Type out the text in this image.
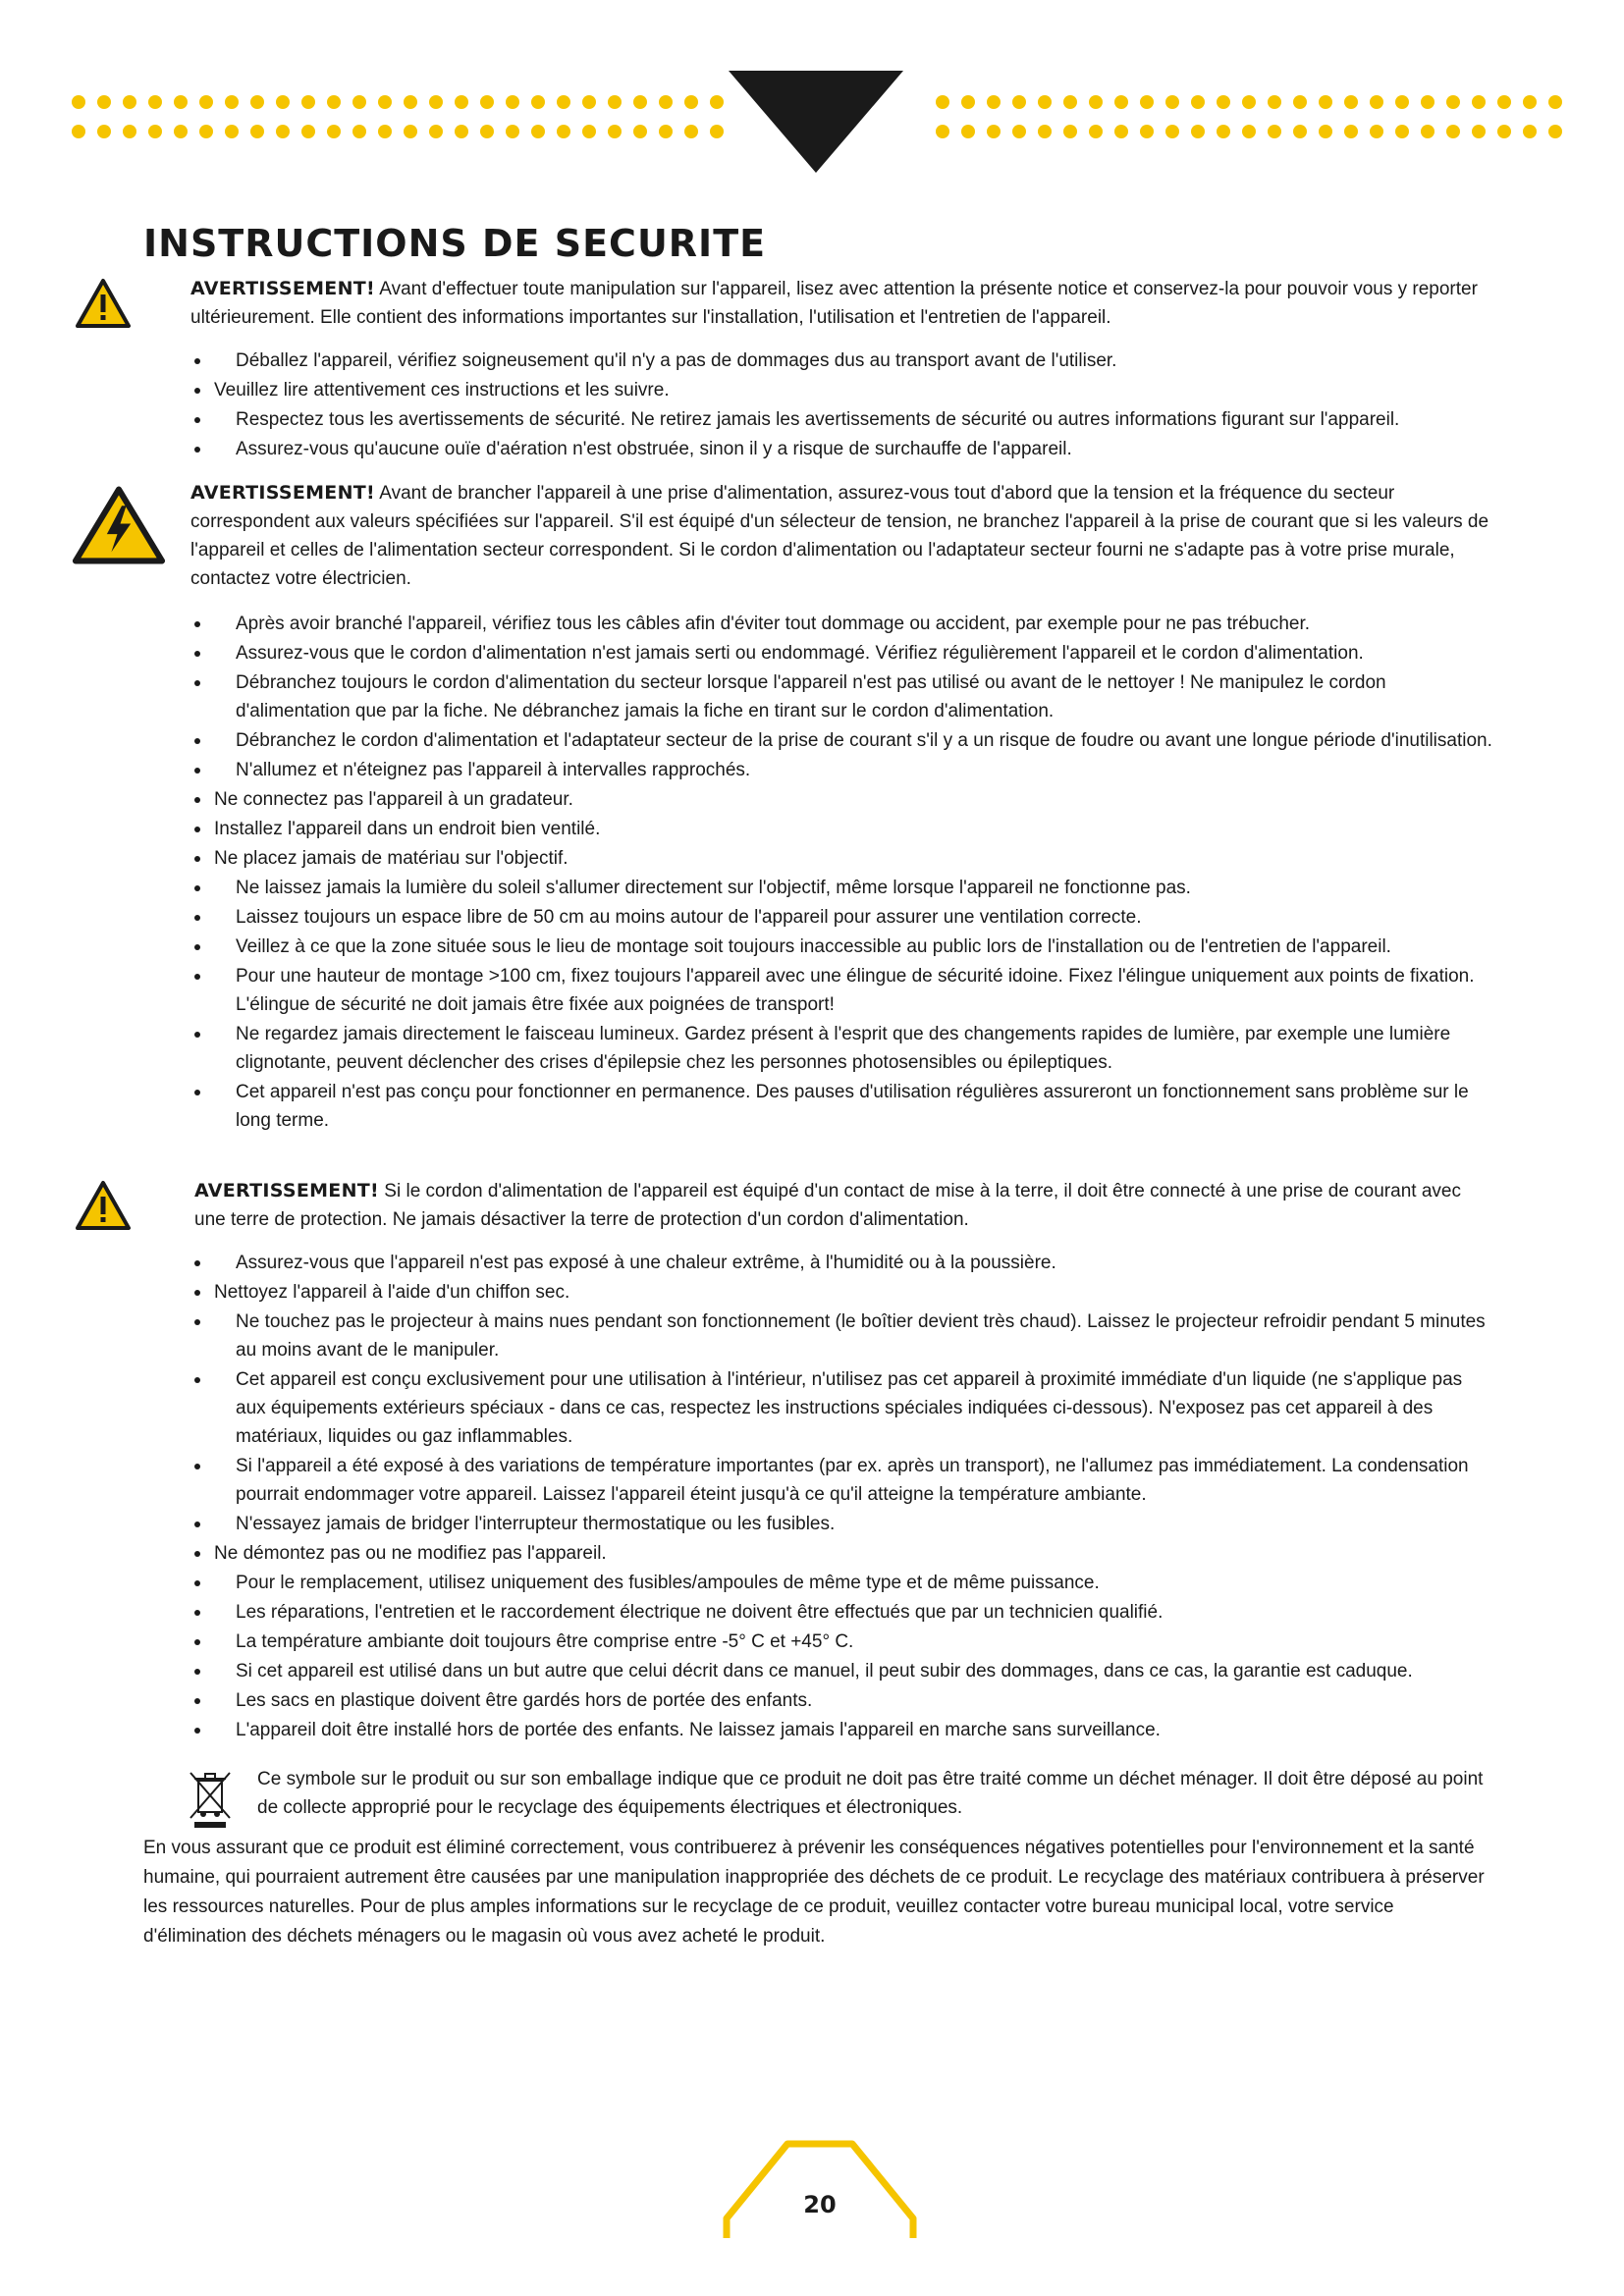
INSTRUCTIONS DE SECURITE
AVERTISSEMENT! Avant d'effectuer toute manipulation sur l'appareil, lisez avec attention la présente notice et conservez-la pour pouvoir vous y reporter ultérieurement. Elle contient des informations importantes sur l'installation, l'utilisation et l'entretien de l'appareil.
Déballez l'appareil, vérifiez soigneusement qu'il n'y a pas de dommages dus au transport avant de l'utiliser.
Veuillez lire attentivement ces instructions et les suivre.
Respectez tous les avertissements de sécurité. Ne retirez jamais les avertissements de sécurité ou autres informations figurant sur l'appareil.
Assurez-vous qu'aucune ouïe d'aération n'est obstruée, sinon il y a risque de surchauffe de l'appareil.
AVERTISSEMENT! Avant de brancher l'appareil à une prise d'alimentation, assurez-vous tout d'abord que la tension et la fréquence du secteur correspondent aux valeurs spécifiées sur l'appareil. S'il est équipé d'un sélecteur de tension, ne branchez l'appareil à la prise de courant que si les valeurs de l'appareil et celles de l'alimentation secteur correspondent. Si le cordon d'alimentation ou l'adaptateur secteur fourni ne s'adapte pas à votre prise murale, contactez votre électricien.
Après avoir branché l'appareil, vérifiez tous les câbles afin d'éviter tout dommage ou accident, par exemple pour ne pas trébucher.
Assurez-vous que le cordon d'alimentation n'est jamais serti ou endommagé. Vérifiez régulièrement l'appareil et le cordon d'alimentation.
Débranchez toujours le cordon d'alimentation du secteur lorsque l'appareil n'est pas utilisé ou avant de le nettoyer ! Ne manipulez le cordon d'alimentation que par la fiche. Ne débranchez jamais la fiche en tirant sur le cordon d'alimentation.
Débranchez le cordon d'alimentation et l'adaptateur secteur de la prise de courant s'il y a un risque de foudre ou avant une longue période d'inutilisation.
N'allumez et n'éteignez pas l'appareil à intervalles rapprochés.
Ne connectez pas l'appareil à un gradateur.
Installez l'appareil dans un endroit bien ventilé.
Ne placez jamais de matériau sur l'objectif.
Ne laissez jamais la lumière du soleil s'allumer directement sur l'objectif, même lorsque l'appareil ne fonctionne pas.
Laissez toujours un espace libre de 50 cm au moins autour de l'appareil pour assurer une ventilation correcte.
Veillez à ce que la zone située sous le lieu de montage soit toujours inaccessible au public lors de l'installation ou de l'entretien de l'appareil.
Pour une hauteur de montage >100 cm, fixez toujours l'appareil avec une élingue de sécurité idoine. Fixez l'élingue uniquement aux points de fixation. L'élingue de sécurité ne doit jamais être fixée aux poignées de transport!
Ne regardez jamais directement le faisceau lumineux. Gardez présent à l'esprit que des changements rapides de lumière, par exemple une lumière clignotante, peuvent déclencher des crises d'épilepsie chez les personnes photosensibles ou épileptiques.
Cet appareil n'est pas conçu pour fonctionner en permanence. Des pauses d'utilisation régulières assureront un fonctionnement sans problème sur le long terme.
AVERTISSEMENT! Si le cordon d'alimentation de l'appareil est équipé d'un contact de mise à la terre, il doit être connecté à une prise de courant avec une terre de protection. Ne jamais désactiver la terre de protection d'un cordon d'alimentation.
Assurez-vous que l'appareil n'est pas exposé à une chaleur extrême, à l'humidité ou à la poussière.
Nettoyez l'appareil à l'aide d'un chiffon sec.
Ne touchez pas le projecteur à mains nues pendant son fonctionnement (le boîtier devient très chaud). Laissez le projecteur refroidir pendant 5 minutes au moins avant de le manipuler.
Cet appareil est conçu exclusivement pour une utilisation à l'intérieur, n'utilisez pas cet appareil à proximité immédiate d'un liquide (ne s'applique pas aux équipements extérieurs spéciaux - dans ce cas, respectez les instructions spéciales indiquées ci-dessous). N'exposez pas cet appareil à des matériaux, liquides ou gaz inflammables.
Si l'appareil a été exposé à des variations de température importantes (par ex. après un transport), ne l'allumez pas immédiatement. La condensation pourrait endommager votre appareil. Laissez l'appareil éteint jusqu'à ce qu'il atteigne la température ambiante.
N'essayez jamais de bridger l'interrupteur thermostatique ou les fusibles.
Ne démontez pas ou ne modifiez pas l'appareil.
Pour le remplacement, utilisez uniquement des fusibles/ampoules de même type et de même puissance.
Les réparations, l'entretien et le raccordement électrique ne doivent être effectués que par un technicien qualifié.
La température ambiante doit toujours être comprise entre -5° C et +45° C.
Si cet appareil est utilisé dans un but autre que celui décrit dans ce manuel, il peut subir des dommages, dans ce cas, la garantie est caduque.
Les sacs en plastique doivent être gardés hors de portée des enfants.
L'appareil doit être installé hors de portée des enfants. Ne laissez jamais l'appareil en marche sans surveillance.
Ce symbole sur le produit ou sur son emballage indique que ce produit ne doit pas être traité comme un déchet ménager. Il doit être déposé au point de collecte approprié pour le recyclage des équipements électriques et électroniques.
En vous assurant que ce produit est éliminé correctement, vous contribuerez à prévenir les conséquences négatives potentielles pour l'environnement et la santé humaine, qui pourraient autrement être causées par une manipulation inappropriée des déchets de ce produit. Le recyclage des matériaux contribuera à préserver les ressources naturelles. Pour de plus amples informations sur le recyclage de ce produit, veuillez contacter votre bureau municipal local, votre service d'élimination des déchets ménagers ou le magasin où vous avez acheté le produit.
20
